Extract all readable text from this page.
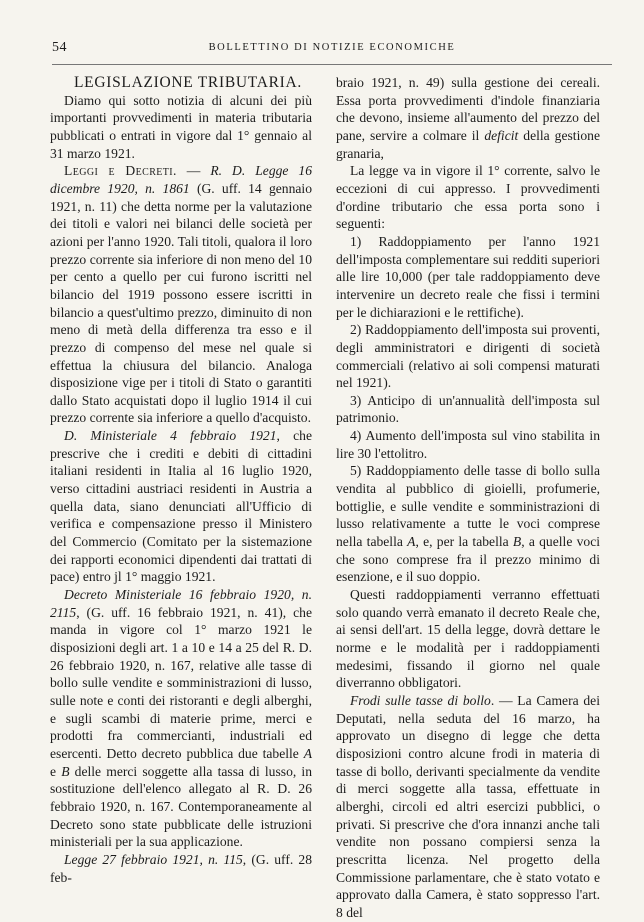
54	BOLLETTINO DI NOTIZIE ECONOMICHE

LEGISLAZIONE TRIBUTARIA.

Diamo qui sotto notizia di alcuni dei più importanti provvedimenti in materia tributaria pubblicati o entrati in vigore dal 1° gennaio al 31 marzo 1921.

Leggi e Decreti. — R. D. Legge 16 dicembre 1920, n. 1861 (G. uff. 14 gennaio 1921, n. 11) che detta norme per la valutazione dei titoli e valori nei bilanci delle società per azioni per l'anno 1920. Tali titoli, qualora il loro prezzo corrente sia inferiore di non meno del 10 per cento a quello per cui furono iscritti nel bilancio del 1919 possono essere iscritti in bilancio a quest'ultimo prezzo, diminuito di non meno di metà della differenza tra esso e il prezzo di compenso del mese nel quale si effettua la chiusura del bilancio. Analoga disposizione vige per i titoli di Stato o garantiti dallo Stato acquistati dopo il luglio 1914 il cui prezzo corrente sia inferiore a quello d'acquisto.

D. Ministeriale 4 febbraio 1921, che prescrive che i crediti e debiti di cittadini italiani residenti in Italia al 16 luglio 1920, verso cittadini austriaci residenti in Austria a quella data, siano denunciati all'Ufficio di verifica e compensazione presso il Ministero del Commercio (Comitato per la sistemazione dei rapporti economici dipendenti dai trattati di pace) entro jl 1° maggio 1921.

Decreto Ministeriale 16 febbraio 1920, n. 2115, (G. uff. 16 febbraio 1921, n. 41), che manda in vigore col 1° marzo 1921 le disposizioni degli art. 1 a 10 e 14 a 25 del R. D. 26 febbraio 1920, n. 167, relative alle tasse di bollo sulle vendite e somministrazioni di lusso, sulle note e conti dei ristoranti e degli alberghi, e sugli scambi di materie prime, merci e prodotti fra commercianti, industriali ed esercenti. Detto decreto pubblica due tabelle A e B delle merci soggette alla tassa di lusso, in sostituzione dell'elenco allegato al R. D. 26 febbraio 1920, n. 167. Contemporaneamente al Decreto sono state pubblicate delle istruzioni ministeriali per la sua applicazione.

Legge 27 febbraio 1921, n. 115, (G. uff. 28 feb-

braio 1921, n. 49) sulla gestione dei cereali. Essa porta provvedimenti d'indole finanziaria che devono, insieme all'aumento del prezzo del pane, servire a colmare il deficit della gestione granaria,

La legge va in vigore il 1° corrente, salvo le eccezioni di cui appresso. I provvedimenti d'ordine tributario che essa porta sono i seguenti:

1) Raddoppiamento per l'anno 1921 dell'imposta complementare sui redditi superiori alle lire 10,000 (per tale raddoppiamento deve intervenire un decreto reale che fissi i termini per le dichiarazioni e le rettifiche).

2) Raddoppiamento dell'imposta sui proventi, degli amministratori e dirigenti di società commerciali (relativo ai soli compensi maturati nel 1921).

3) Anticipo di un'annualità dell'imposta sul patrimonio.

4) Aumento dell'imposta sul vino stabilita in lire 30 l'ettolitro.

5) Raddoppiamento delle tasse di bollo sulla vendita al pubblico di gioielli, profumerie, bottiglie, e sulle vendite e somministrazioni di lusso relativamente a tutte le voci comprese nella tabella A, e, per la tabella B, a quelle voci che sono comprese fra il prezzo minimo di esenzione, e il suo doppio.

Questi raddoppiamenti verranno effettuati solo quando verrà emanato il decreto Reale che, ai sensi dell'art. 15 della legge, dovrà dettare le norme e le modalità per i raddoppiamenti medesimi, fissando il giorno nel quale diverranno obbligatori.

Frodi sulle tasse di bollo. — La Camera dei Deputati, nella seduta del 16 marzo, ha approvato un disegno di legge che detta disposizioni contro alcune frodi in materia di tasse di bollo, derivanti specialmente da vendite di merci soggette alla tassa, effettuate in alberghi, circoli ed altri esercizi pubblici, o privati. Si prescrive che d'ora innanzi anche tali vendite non possano compiersi senza la prescritta licenza. Nel progetto della Commissione parlamentare, che è stato votato e approvato dalla Camera, è stato soppresso l'art. 8 del
